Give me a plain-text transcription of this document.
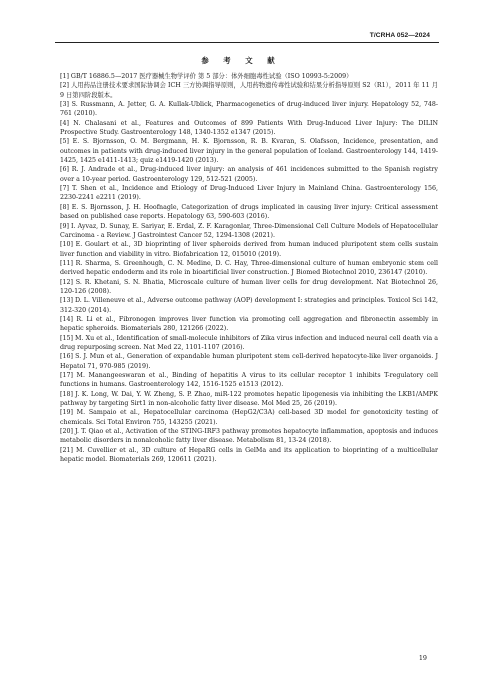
T/CRHA 052—2024
参 考 文 献

[1] GB/T 16886.5—2017 医疗器械生物学评价 第 5 部分：体外细胞毒性试验（ISO 10993-5:2009）

[2] 人用药品注册技术要求国际协调会 ICH 三方协调指导原则，人用药物遗传毒性试验和结果分析指导原则 S2（R1），2011 年 11 月 9 日第四阶段版本。

[3] S. Russmann, A. Jetter, G. A. Kullak-Ublick, Pharmacogenetics of drug-induced liver injury. Hepatology 52, 748-761 (2010).

[4] N. Chalasani et al., Features and Outcomes of 899 Patients With Drug-Induced Liver Injury: The DILIN Prospective Study. Gastroenterology 148, 1340-1352 e1347 (2015).

[5] E. S. Bjornsson, O. M. Bergmann, H. K. Bjornsson, R. B. Kvaran, S. Olafsson, Incidence, presentation, and outcomes in patients with drug-induced liver injury in the general population of Iceland. Gastroenterology 144, 1419-1425, 1425 e1411-1413; quiz e1419-1420 (2013).

[6] R. J. Andrade et al., Drug-induced liver injury: an analysis of 461 incidences submitted to the Spanish registry over a 10-year period. Gastroenterology 129, 512-521 (2005).

[7] T. Shen et al., Incidence and Etiology of Drug-Induced Liver Injury in Mainland China. Gastroenterology 156, 2230-2241 e2211 (2019).

[8] E. S. Bjornsson, J. H. Hoofnagle, Categorization of drugs implicated in causing liver injury: Critical assessment based on published case reports. Hepatology 63, 590-603 (2016).

[9] I. Ayvaz, D. Sunay, E. Sariyar, E. Erdal, Z. F. Karagonlar, Three-Dimensional Cell Culture Models of Hepatocellular Carcinoma - a Review. J Gastrointest Cancer 52, 1294-1308 (2021).

[10] E. Goulart et al., 3D bioprinting of liver spheroids derived from human induced pluripotent stem cells sustain liver function and viability in vitro. Biofabrication 12, 015010 (2019).

[11] R. Sharma, S. Greenhough, C. N. Medine, D. C. Hay, Three-dimensional culture of human embryonic stem cell derived hepatic endoderm and its role in bioartificial liver construction. J Biomed Biotechnol 2010, 236147 (2010).

[12] S. R. Khetani, S. N. Bhatia, Microscale culture of human liver cells for drug development. Nat Biotechnol 26, 120-126 (2008).

[13] D. L. Villeneuve et al., Adverse outcome pathway (AOP) development I: strategies and principles. Toxicol Sci 142, 312-320 (2014).

[14] R. Li et al., Fibronogen improves liver function via promoting cell aggregation and fibronectin assembly in hepatic spheroids. Biomaterials 280, 121266 (2022).

[15] M. Xu et al., Identification of small-molecule inhibitors of Zika virus infection and induced neural cell death via a drug repurposing screen. Nat Med 22, 1101-1107 (2016).

[16] S. J. Mun et al., Generation of expandable human pluripotent stem cell-derived hepatocyte-like liver organoids. J Hepatol 71, 970-985 (2019).

[17] M. Manangeeswaran et al., Binding of hepatitis A virus to its cellular receptor 1 inhibits T-regulatory cell functions in humans. Gastroenterology 142, 1516-1525 e1513 (2012).

[18] J. K. Long, W. Dai, Y. W. Zheng, S. P. Zhao, miR-122 promotes hepatic lipogenesis via inhibiting the LKB1/AMPK pathway by targeting Sirt1 in non-alcoholic fatty liver disease. Mol Med 25, 26 (2019).

[19] M. Sampaio et al., Hepatocellular carcinoma (HepG2/C3A) cell-based 3D model for genotoxicity testing of chemicals. Sci Total Environ 755, 143255 (2021).

[20] J. T. Qiao et al., Activation of the STING-IRF3 pathway promotes hepatocyte inflammation, apoptosis and induces metabolic disorders in nonalcoholic fatty liver disease. Metabolism 81, 13-24 (2018).

[21] M. Cuvellier et al., 3D culture of HepaRG cells in GelMa and its application to bioprinting of a multicellular hepatic model. Biomaterials 269, 120611 (2021).

19
